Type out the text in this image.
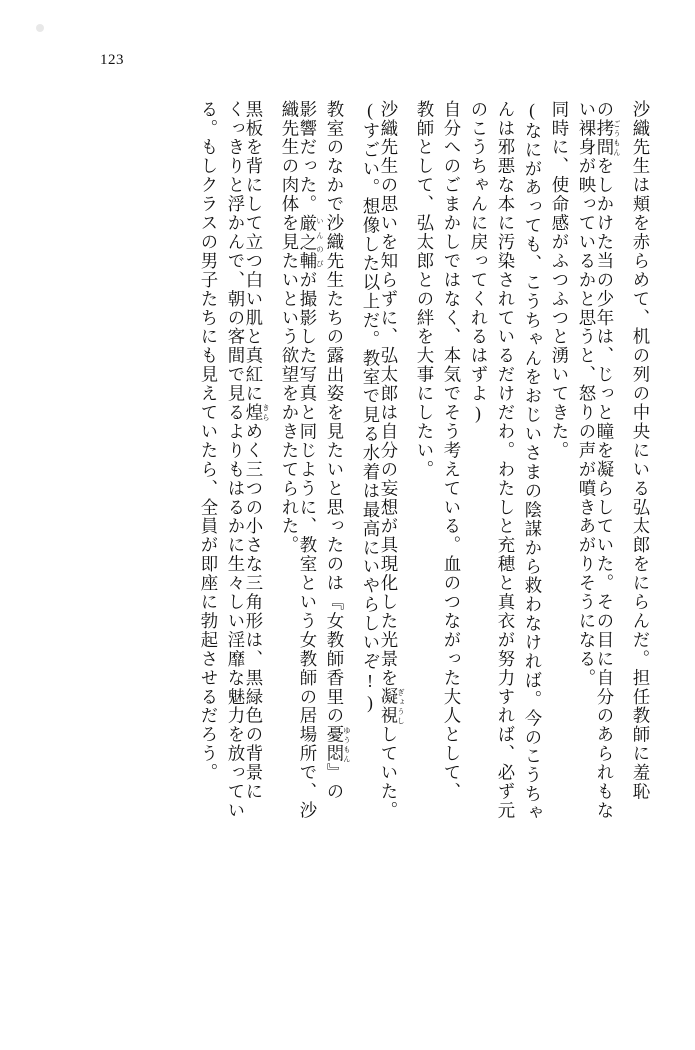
123
沙織先生は頬を赤らめて、机の列の中央にいる弘太郎をにらんだ。担任教師に羞恥
の拷問ごうもんをしかけた当の少年は、じっと瞳を凝らしていた。その目に自分のあられもな
い裸身が映っているかと思うと、怒りの声が噴きあがりそうになる。
同時に、使命感がふつふつと湧いてきた。
(なにがあっても、こうちゃんをおじいさまの陰謀から救わなければ。今のこうちゃ
んは邪悪な本に汚染されているだけだわ。わたしと充穂と真衣が努力すれば、必ず元
のこうちゃんに戻ってくれるはずよ)
自分へのごまかしではなく、本気でそう考えている。血のつながった大人として、
教師として、弘太郎との絆を大事にしたい。
沙織先生の思いを知らずに、弘太郎は自分の妄想が具現化した光景を凝視ぎょうししていた。
(すごい。想像した以上だ。教室で見る水着は最高にいやらしいぞ!)
教室のなかで沙織先生たちの露出姿を見たいと思ったのは『女教師香里の憂悶ゆうもん』の
影響だった。厳之輔いんのびが撮影した写真と同じように、教室という女教師の居場所で、沙
織先生の肉体を見たいという欲望をかきたてられた。
黒板を背にして立つ白い肌と真紅に煌きらめく三つの小さな三角形は、黒緑色の背景に
くっきりと浮かんで、朝の客間で見るよりもはるかに生々しい淫靡な魅力を放ってい
る。もしクラスの男子たちにも見えていたら、全員が即座に勃起させるだろう。
